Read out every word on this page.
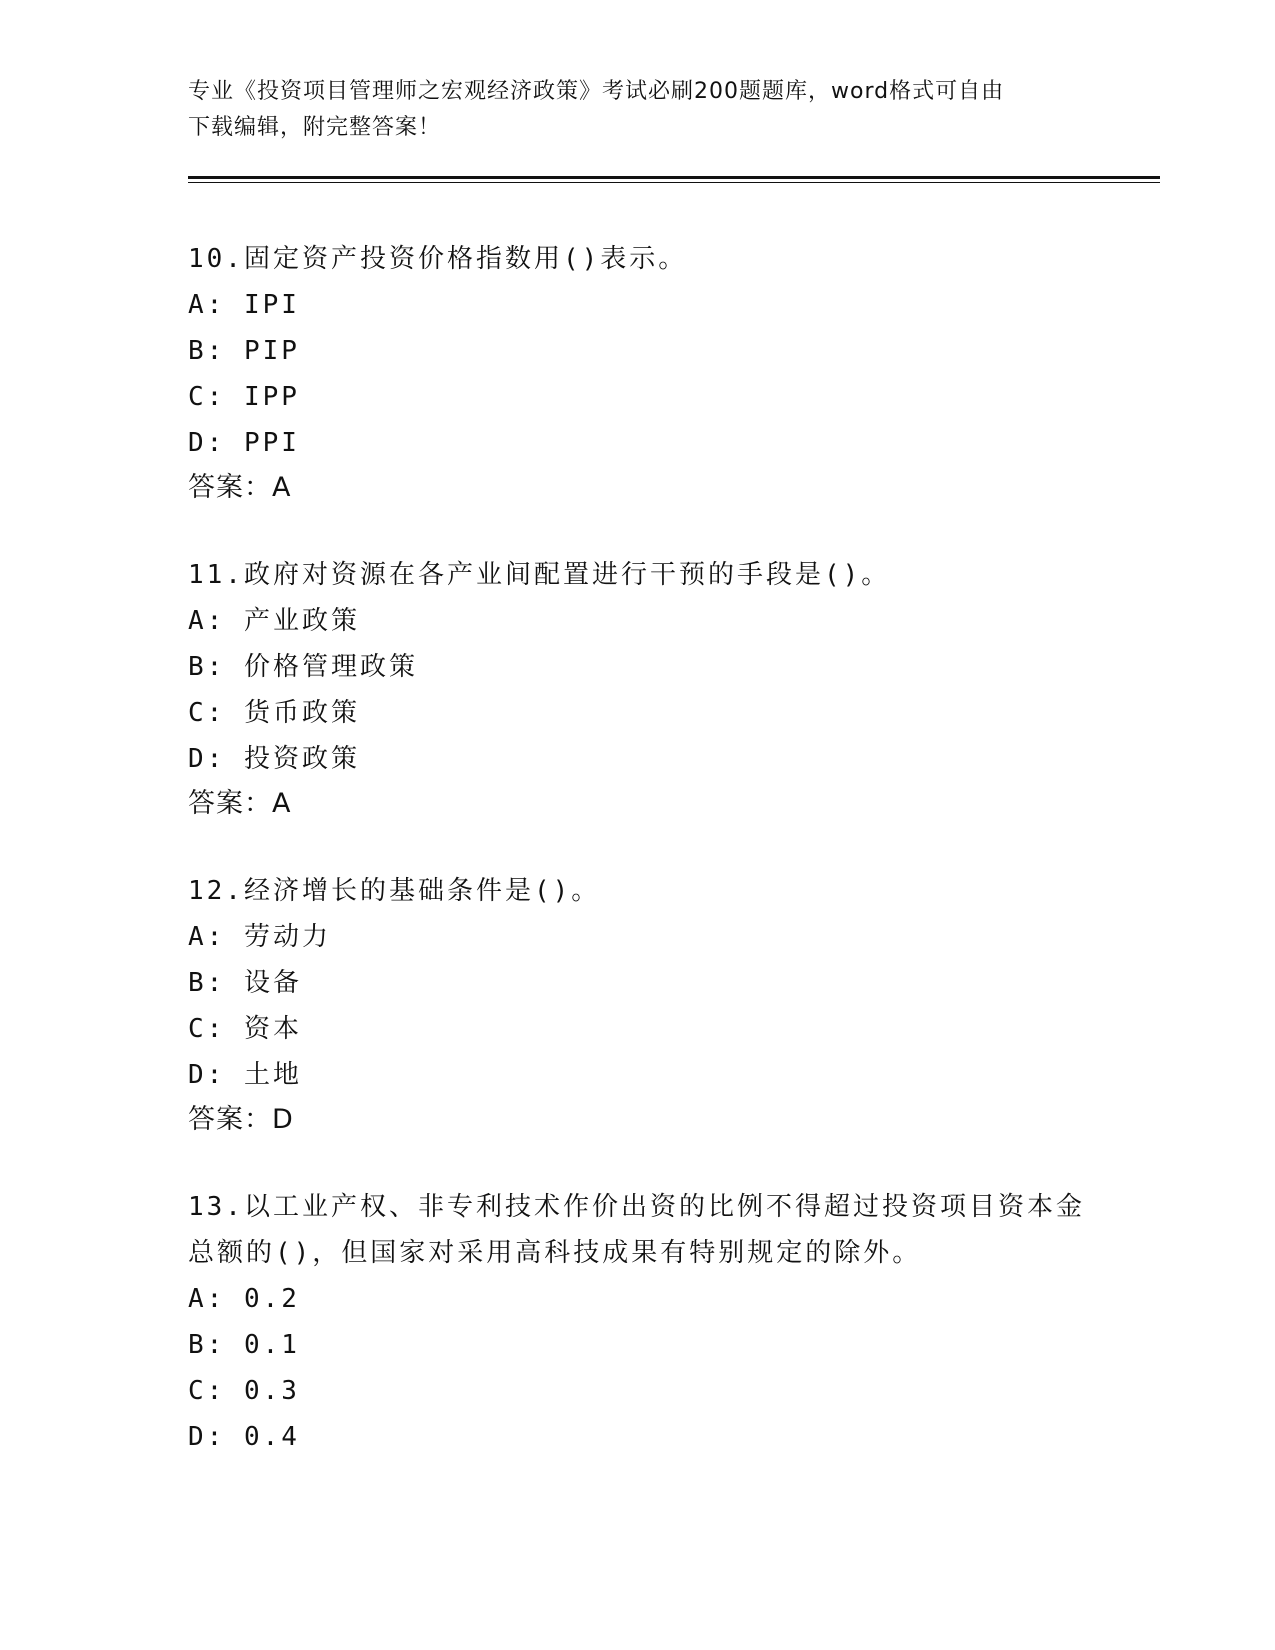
专业《投资项目管理师之宏观经济政策》考试必刷200题题库，word格式可自由
下载编辑，附完整答案！
10.固定资产投资价格指数用()表示。
A: IPI
B: PIP
C: IPP
D: PPI
答案：A
11.政府对资源在各产业间配置进行干预的手段是()。
A: 产业政策
B: 价格管理政策
C: 货币政策
D: 投资政策
答案：A
12.经济增长的基础条件是()。
A: 劳动力
B: 设备
C: 资本
D: 土地
答案：D
13.以工业产权、非专利技术作价出资的比例不得超过投资项目资本金
总额的()，但国家对采用高科技成果有特别规定的除外。
A: 0.2
B: 0.1
C: 0.3
D: 0.4
